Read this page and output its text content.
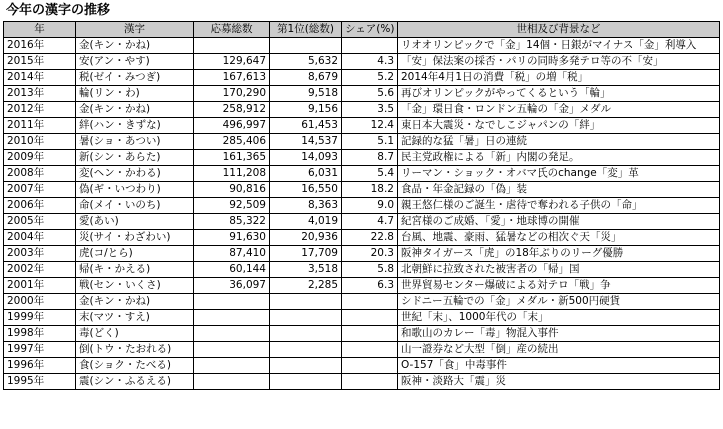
今年の漢字の推移
年	漢字	応募総数	第1位(総数)	シェア(%)	世相及び背景など
2016年	金(キン・かね)				リオオリンピックで「金」14個・日銀がマイナス「金」利導入
2015年	安(アン・やす)	129,647	5,632	4.3	「安」保法案の採否・パリの同時多発テロ等の不「安」
2014年	税(ゼイ・みつぎ)	167,613	8,679	5.2	2014年4月1日の消費「税」の増「税」
2013年	輪(リン・わ)	170,290	9,518	5.6	再びオリンピックがやってくるという「輪」
2012年	金(キン・かね)	258,912	9,156	3.5	「金」環日食・ロンドン五輪の「金」メダル
2011年	絆(ハン・きずな)	496,997	61,453	12.4	東日本大震災・なでしこジャパンの「絆」
2010年	暑(ショ・あつい)	285,406	14,537	5.1	記録的な猛「暑」日の連続
2009年	新(シン・あらた)	161,365	14,093	8.7	民主党政権による「新」内閣の発足。
2008年	変(ヘン・かわる)	111,208	6,031	5.4	リーマン・ショック・オバマ氏のchange「変」革
2007年	偽(ギ・いつわり)	90,816	16,550	18.2	食品・年金記録の「偽」装
2006年	命(メイ・いのち)	92,509	8,363	9.0	親王悠仁様のご誕生・虐待で奪われる子供の「命」
2005年	愛(あい)	85,322	4,019	4.7	紀宮様のご成婚、「愛」・地球博の開催
2004年	災(サイ・わざわい)	91,630	20,936	22.8	台風、地震、豪雨、猛暑などの相次ぐ天「災」
2003年	虎(コ/とら)	87,410	17,709	20.3	阪神タイガース「虎」の18年ぶりのリーグ優勝
2002年	帰(キ・かえる)	60,144	3,518	5.8	北朝鮮に拉致された被害者の「帰」国
2001年	戦(セン・いくさ)	36,097	2,285	6.3	世界貿易センター爆破による対テロ「戦」争
2000年	金(キン・かね)				シドニー五輪での「金」メダル・新500円硬貨
1999年	末(マツ・すえ)				世紀「末」、1000年代の「末」
1998年	毒(どく)				和歌山のカレー「毒」物混入事件
1997年	倒(トウ・たおれる)				山一證券など大型「倒」産の続出
1996年	食(ショク・たべる)				O-157「食」中毒事件
1995年	震(シン・ふるえる)				阪神・淡路大「震」災
